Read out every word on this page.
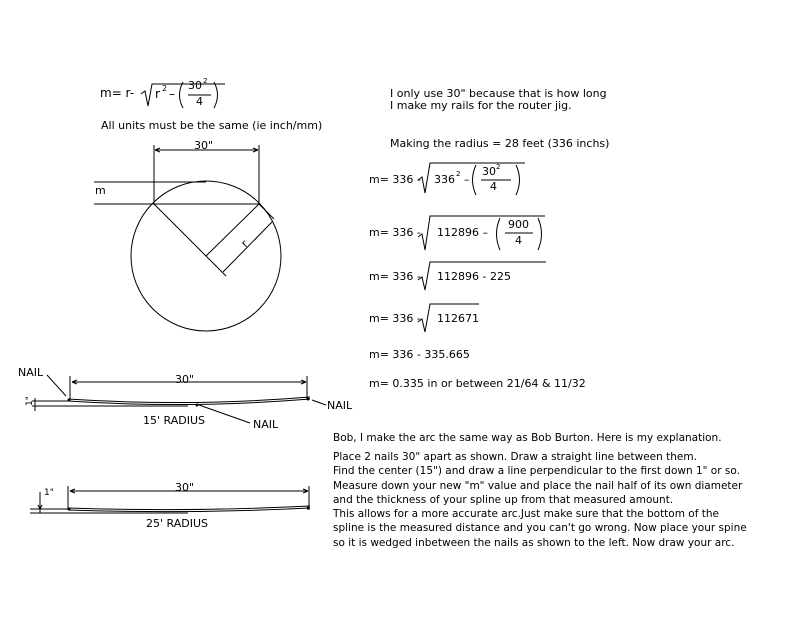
m= r- r 2 –
30 2
4
All units must be the same (ie inch/mm)
I only use 30" because that is how long
I make my rails for the router jig.
Making the radius = 28 feet (336 inchs)
m= 336 - 336 2 –
30 2
4
m= 336 - 112896 –
900
4
m= 336 - 112896 - 225
m= 336 - 112671
m= 336 - 335.665
m= 0.335 in or between 21/64 & 11/32
30"
m
r
NAIL
30"
1"
15' RADIUS	NAIL
NAIL
30"
1"
25' RADIUS
Bob, I make the arc the same way as Bob Burton. Here is my explanation.
Place 2 nails 30" apart as shown. Draw a straight line between them.
Find the center (15") and draw a line perpendicular to the first down 1" or so.
Measure down your new "m" value and place the nail half of its own diameter
and the thickness of your spline up from that measured amount.
This allows for a more accurate arc.Just make sure that the bottom of the
spline is the measured distance and you can't go wrong. Now place your spine
so it is wedged inbetween the nails as shown to the left. Now draw your arc.
